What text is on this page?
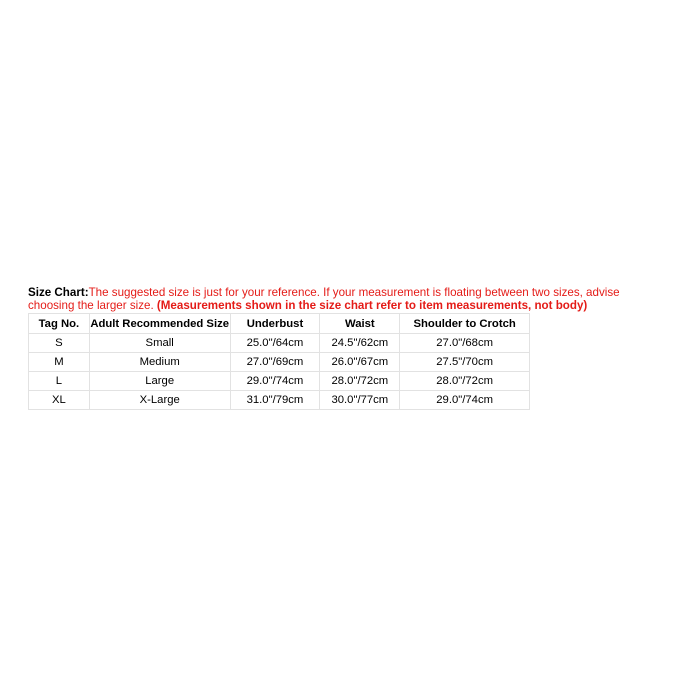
Size Chart:The suggested size is just for your reference. If your measurement is floating between two sizes, advise choosing the larger size. (Measurements shown in the size chart refer to item measurements, not body)

Tag No.	Adult Recommended Size	Underbust	Waist	Shoulder to Crotch
S	Small	25.0"/64cm	24.5"/62cm	27.0"/68cm
M	Medium	27.0"/69cm	26.0"/67cm	27.5"/70cm
L	Large	29.0"/74cm	28.0"/72cm	28.0"/72cm
XL	X-Large	31.0"/79cm	30.0"/77cm	29.0"/74cm
